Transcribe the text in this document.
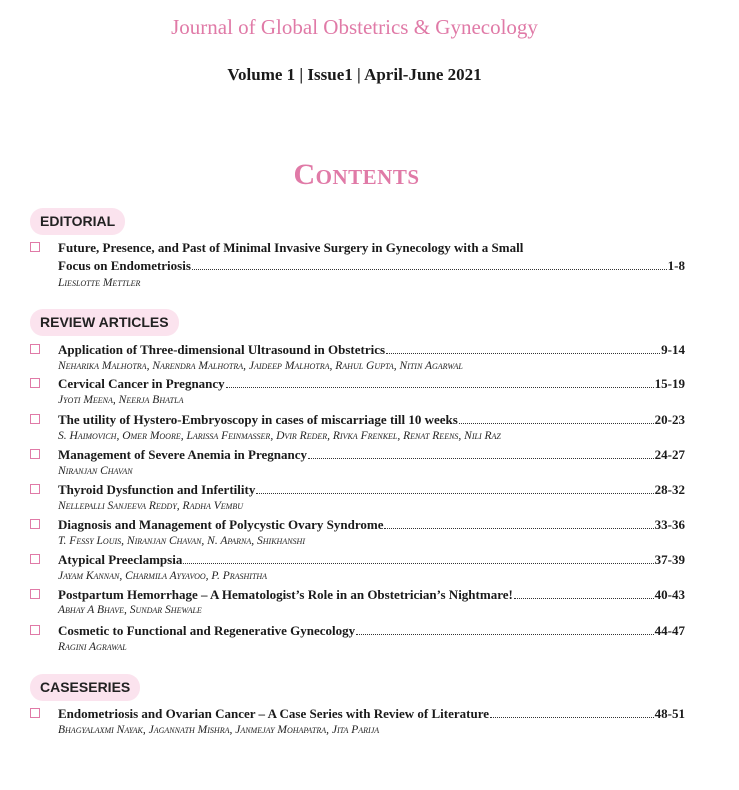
Journal of Global Obstetrics & Gynecology
Volume 1 | Issue1 | April-June 2021
Contents
EDITORIAL
Future, Presence, and Past of Minimal Invasive Surgery in Gynecology with a Small
Focus on Endometriosis	1-8
Lieslotte Mettler
REVIEW ARTICLES
Application of Three-dimensional Ultrasound in Obstetrics	9-14
Neharika Malhotra, Narendra Malhotra, Jaideep Malhotra, Rahul Gupta, Nitin Agarwal
Cervical Cancer in Pregnancy	15-19
Jyoti Meena, Neerja Bhatla
The utility of Hystero-Embryoscopy in cases of miscarriage till 10 weeks	20-23
S. Haimovich, Omer Moore, Larissa Feinmasser, Dvir Reder, Rivka Frenkel, Renat Reens, Nili Raz
Management of Severe Anemia in Pregnancy	24-27
Niranjan Chavan
Thyroid Dysfunction and Infertility	28-32
Nellepalli Sanjeeva Reddy, Radha Vembu
Diagnosis and Management of Polycystic Ovary Syndrome	33-36
T. Fessy Louis, Niranjan Chavan, N. Aparna, Shikhanshi
Atypical Preeclampsia	37-39
Jayam Kannan, Charmila Ayyavoo, P. Prashitha
Postpartum Hemorrhage – A Hematologist’s Role in an Obstetrician’s Nightmare!	40-43
Abhay A Bhave, Sundar Shewale
Cosmetic to Functional and Regenerative Gynecology	44-47
Ragini Agrawal
CASESERIES
Endometriosis and Ovarian Cancer – A Case Series with Review of Literature	48-51
Bhagyalaxmi Nayak, Jagannath Mishra, Janmejay Mohapatra, Jita Parija
